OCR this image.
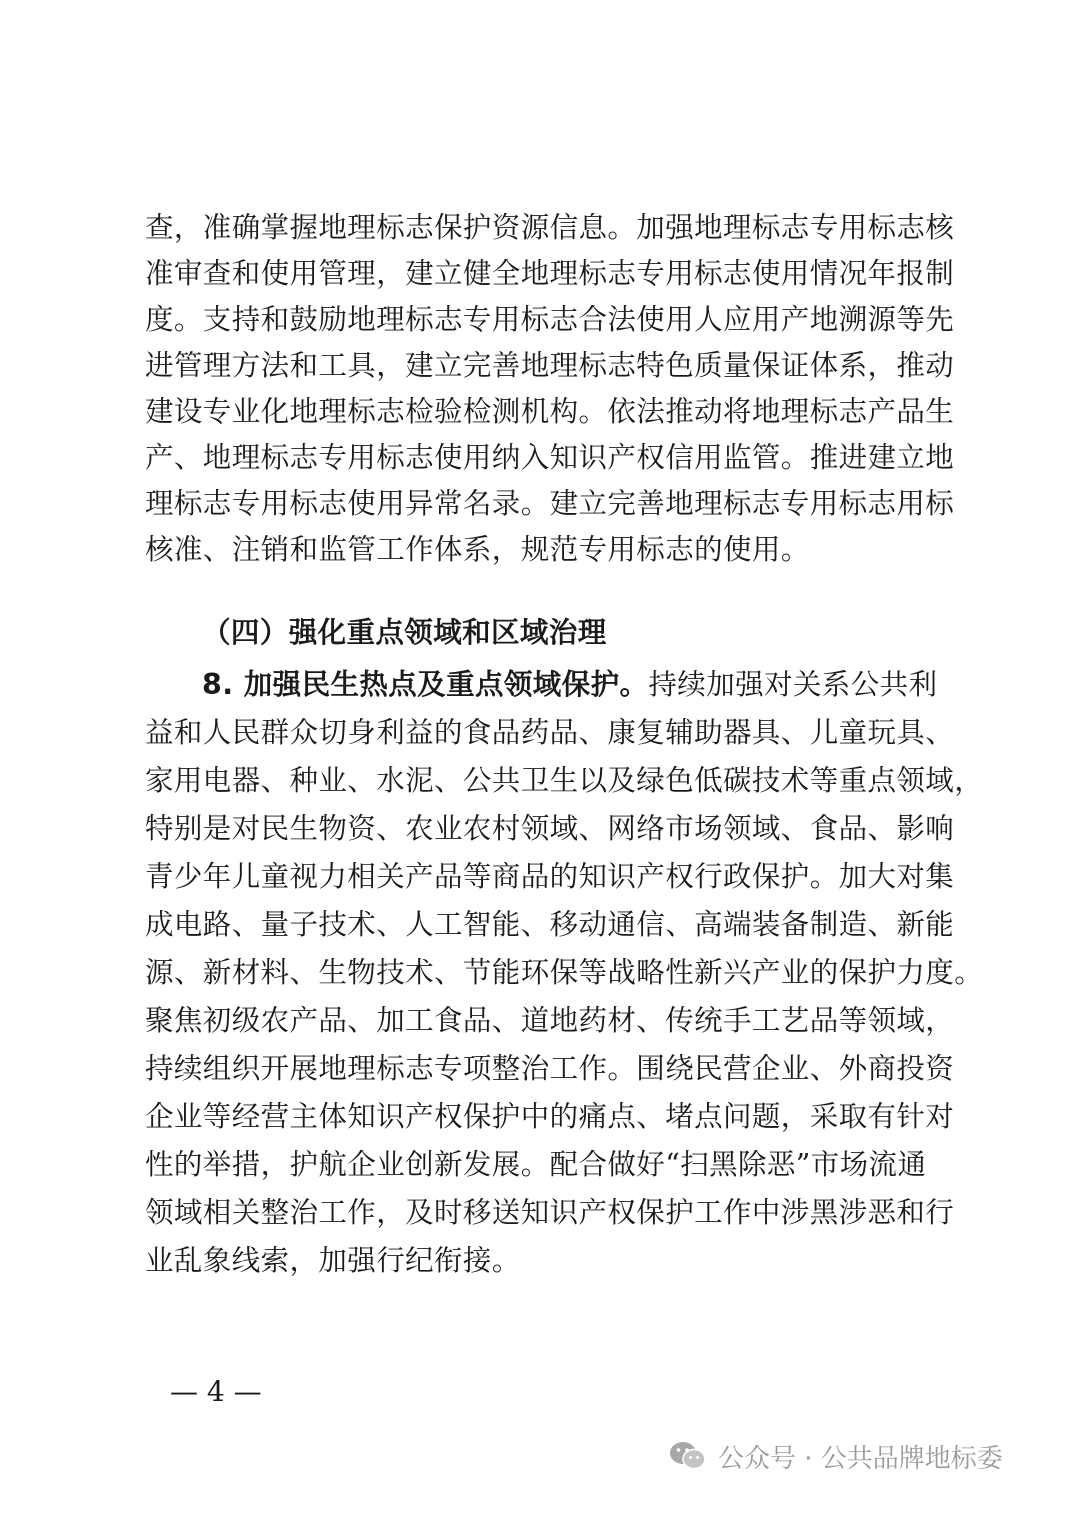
查，准确掌握地理标志保护资源信息。加强地理标志专用标志核
准审查和使用管理，建立健全地理标志专用标志使用情况年报制
度。支持和鼓励地理标志专用标志合法使用人应用产地溯源等先
进管理方法和工具，建立完善地理标志特色质量保证体系，推动
建设专业化地理标志检验检测机构。依法推动将地理标志产品生
产、地理标志专用标志使用纳入知识产权信用监管。推进建立地
理标志专用标志使用异常名录。建立完善地理标志专用标志用标
核准、注销和监管工作体系，规范专用标志的使用。
（四）强化重点领域和区域治理
8. 加强民生热点及重点领域保护。持续加强对关系公共利
益和人民群众切身利益的食品药品、康复辅助器具、儿童玩具、
家用电器、种业、水泥、公共卫生以及绿色低碳技术等重点领域，
特别是对民生物资、农业农村领域、网络市场领域、食品、影响
青少年儿童视力相关产品等商品的知识产权行政保护。加大对集
成电路、量子技术、人工智能、移动通信、高端装备制造、新能
源、新材料、生物技术、节能环保等战略性新兴产业的保护力度。
聚焦初级农产品、加工食品、道地药材、传统手工艺品等领域，
持续组织开展地理标志专项整治工作。围绕民营企业、外商投资
企业等经营主体知识产权保护中的痛点、堵点问题，采取有针对
性的举措，护航企业创新发展。配合做好“扫黑除恶”市场流通
领域相关整治工作，及时移送知识产权保护工作中涉黑涉恶和行
业乱象线索，加强行纪衔接。
— 4 —
公众号 · 公共品牌地标委
